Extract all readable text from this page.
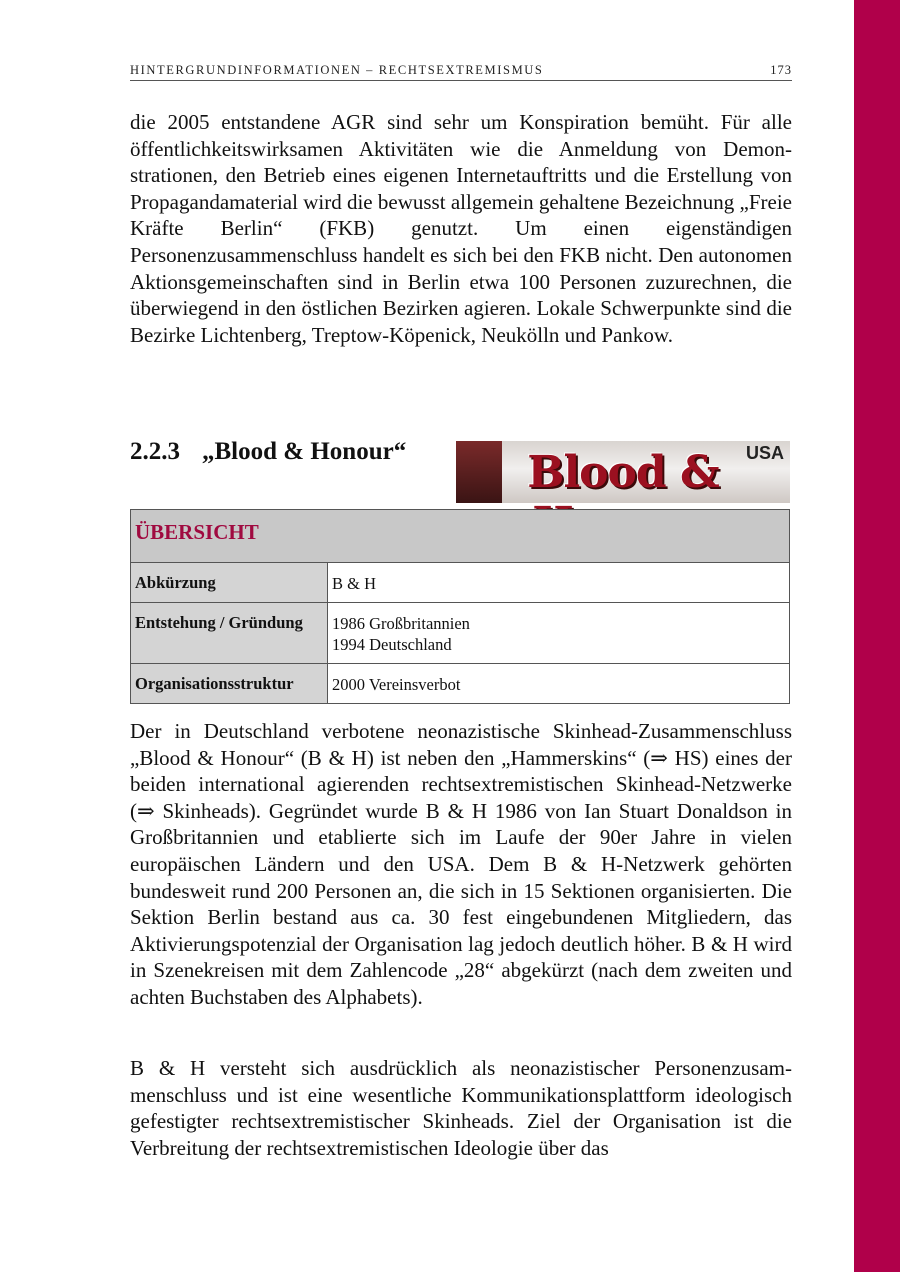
HINTERGRUNDINFORMATIONEN – RECHTSEXTREMISMUS	173

die 2005 entstandene AGR sind sehr um Konspiration bemüht. Für alle öffentlichkeitswirksamen Aktivitäten wie die Anmeldung von Demonstrationen, den Betrieb eines eigenen Internetauftritts und die Erstellung von Propagandamaterial wird die bewusst allgemein gehaltene Bezeichnung „Freie Kräfte Berlin“ (FKB) genutzt. Um einen eigenständigen Personenzusammenschluss handelt es sich bei den FKB nicht. Den autonomen Aktionsgemeinschaften sind in Berlin etwa 100 Personen zuzurechnen, die überwiegend in den östlichen Bezirken agieren. Lokale Schwerpunkte sind die Bezirke Lichtenberg, Treptow-Köpenick, Neukölln und Pankow.

2.2.3 „Blood & Honour“	Blood &	USA
ÜBERSICHT	
Abkürzung	B & H
Entstehung / Gründung	1986 Großbritannien
1994 Deutschland
Organisationsstruktur	2000 Vereinsverbot

Der in Deutschland verbotene neonazistische Skinhead-Zusammenschluss „Blood & Honour“ (B & H) ist neben den „Hammerskins“ (⇒ HS) eines der beiden international agierenden rechtsextremistischen Skinhead-Netzwerke (⇒ Skinheads). Gegründet wurde B & H 1986 von Ian Stuart Donaldson in Großbritannien und etablierte sich im Laufe der 90er Jahre in vielen europäischen Ländern und den USA. Dem B & H-Netzwerk gehörten bundesweit rund 200 Personen an, die sich in 15 Sektionen organisierten. Die Sektion Berlin bestand aus ca. 30 fest eingebundenen Mitgliedern, das Aktivierungspotenzial der Organisation lag jedoch deutlich höher. B & H wird in Szenekreisen mit dem Zahlencode „28“ abgekürzt (nach dem zweiten und achten Buchstaben des Alphabets).

B & H versteht sich ausdrücklich als neonazistischer Personenzusammenschluss und ist eine wesentliche Kommunikationsplattform ideologisch gefestigter rechtsextremistischer Skinheads. Ziel der Organisation ist die Verbreitung der rechtsextremistischen Ideologie über das
